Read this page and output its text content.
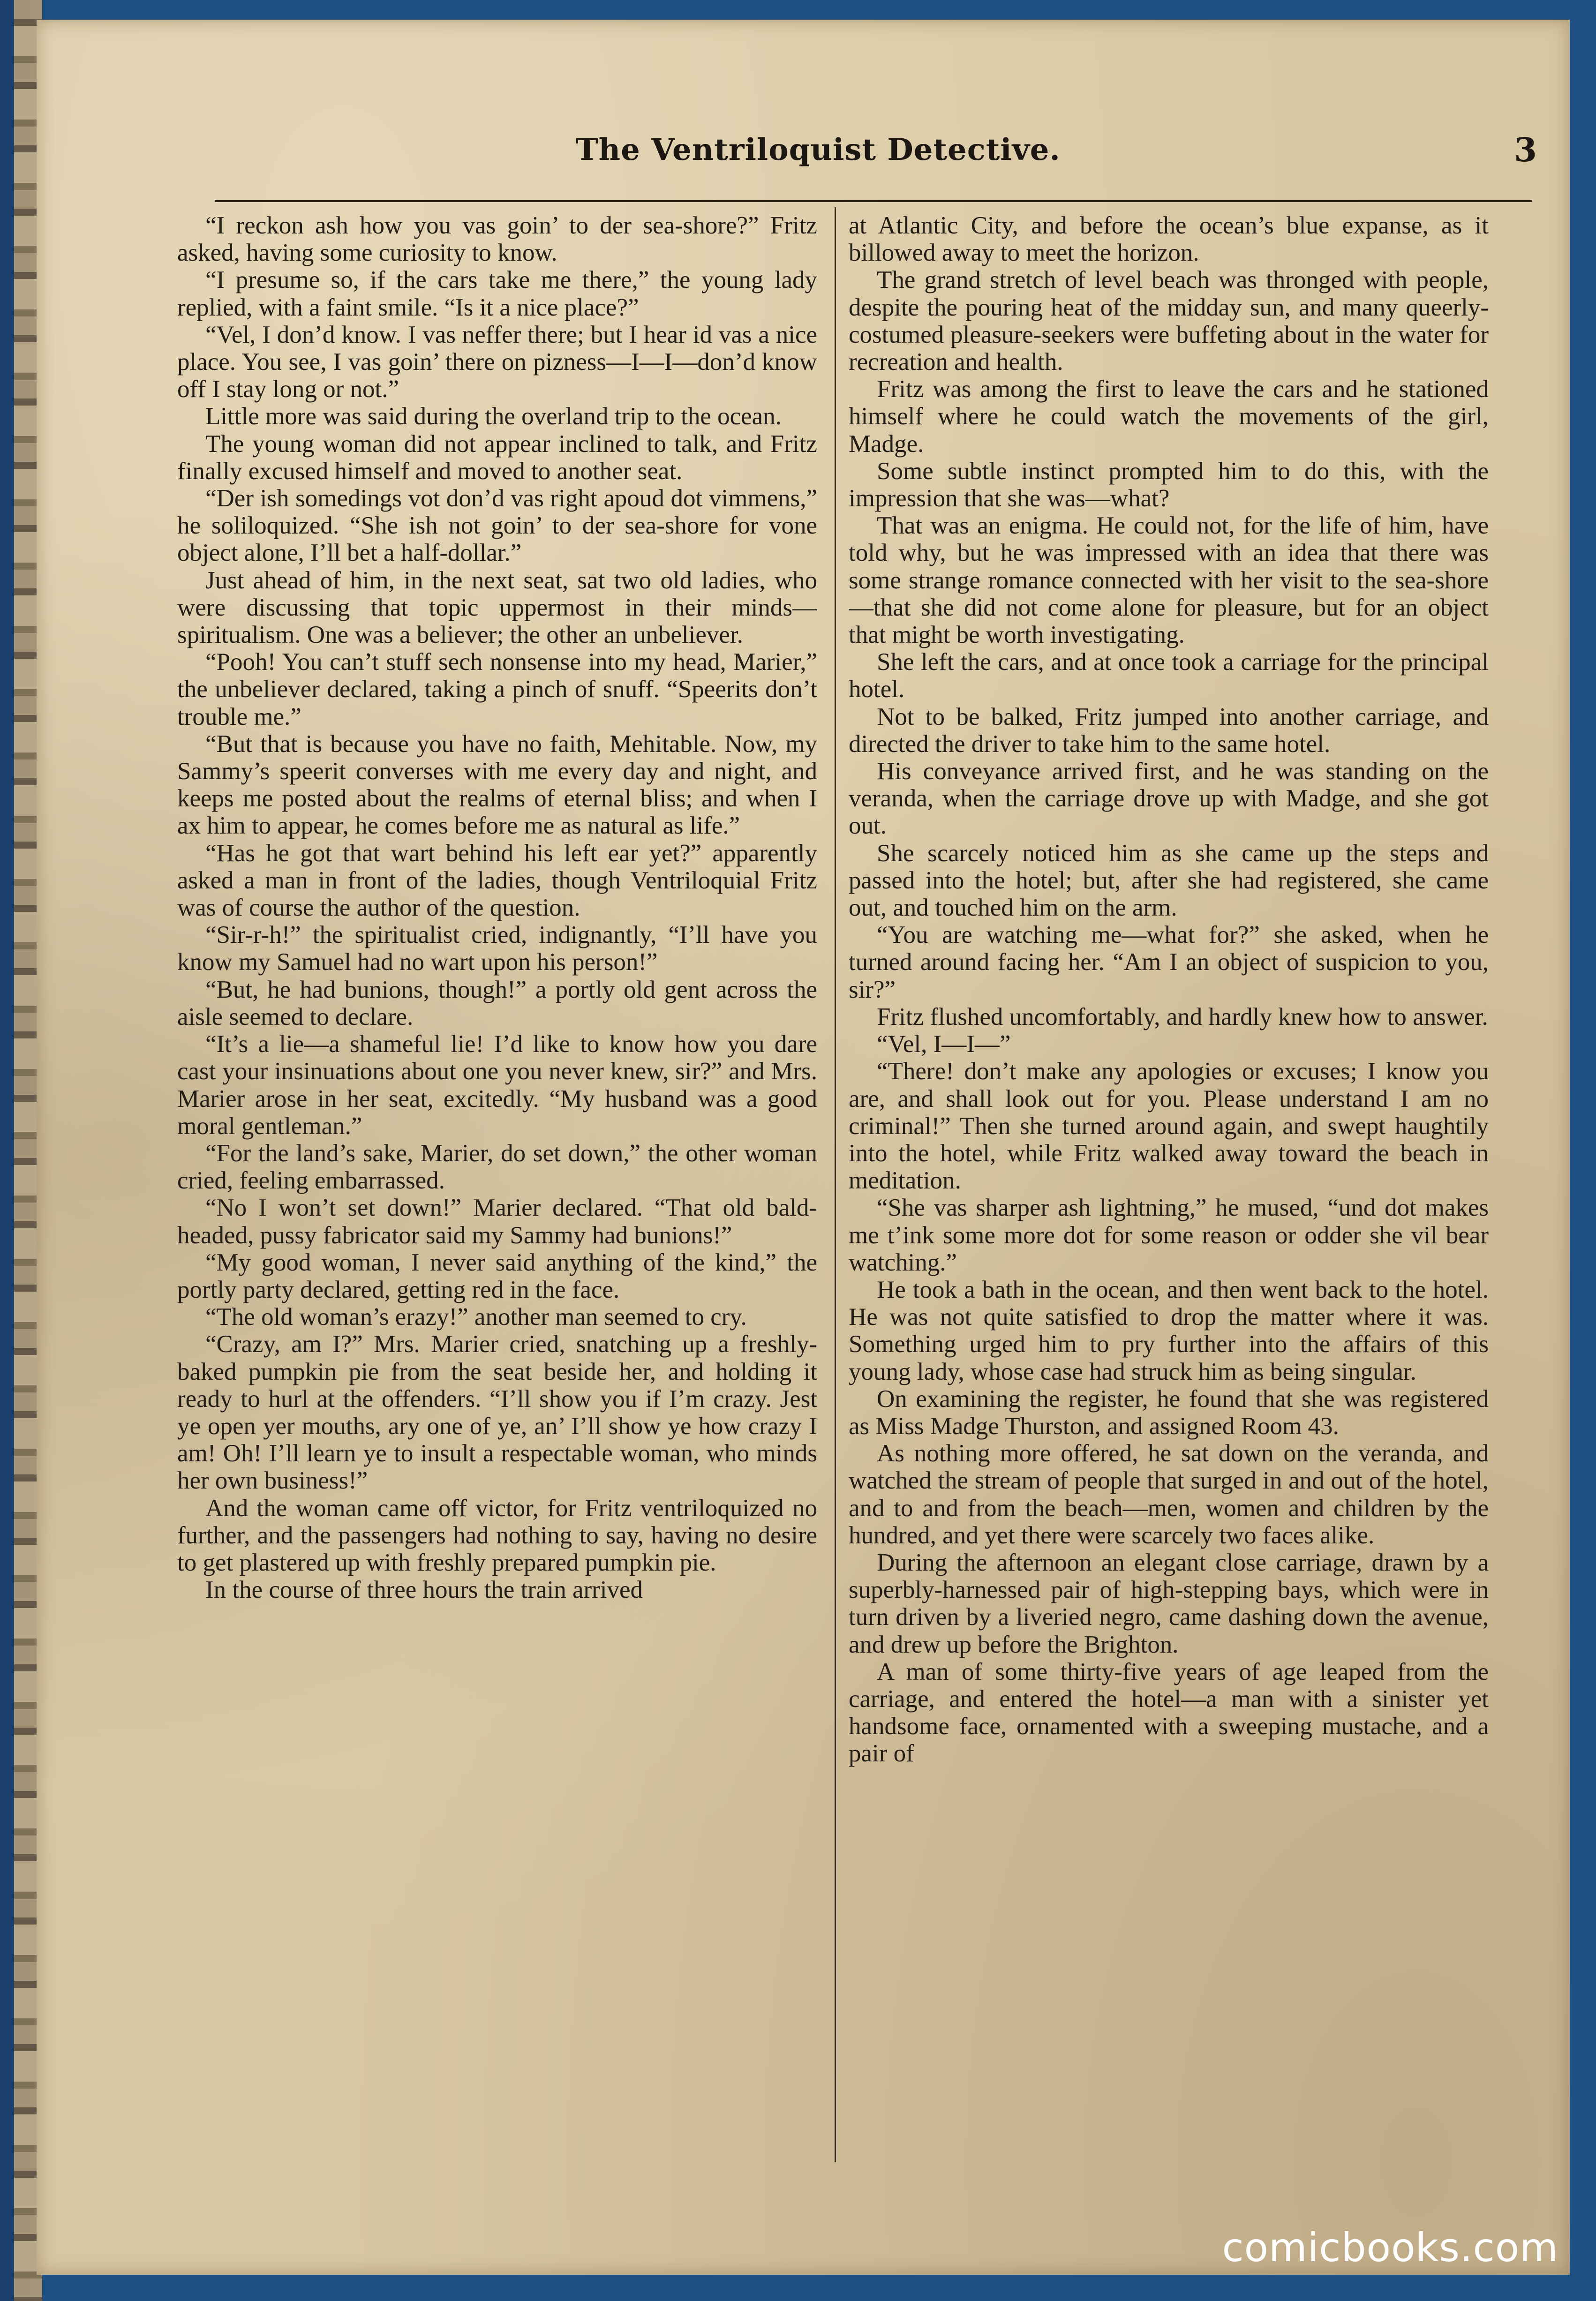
The Ventriloquist Detective.	3

“I reckon ash how you vas goin’ to der sea-shore?” Fritz asked, having some curiosity to know.

“I presume so, if the cars take me there,” the young lady replied, with a faint smile. “Is it a nice place?”

“Vel, I don’d know. I vas neffer there; but I hear id vas a nice place. You see, I vas goin’ there on pizness—I—I—don’d know off I stay long or not.”

Little more was said during the overland trip to the ocean.

The young woman did not appear inclined to talk, and Fritz finally excused himself and moved to another seat.

“Der ish somedings vot don’d vas right apoud dot vimmens,” he soliloquized. “She ish not goin’ to der sea-shore for vone object alone, I’ll bet a half-dollar.”

Just ahead of him, in the next seat, sat two old ladies, who were discussing that topic uppermost in their minds—spiritualism. One was a believer; the other an unbeliever.

“Pooh! You can’t stuff sech nonsense into my head, Marier,” the unbeliever declared, taking a pinch of snuff. “Speerits don’t trouble me.”

“But that is because you have no faith, Mehitable. Now, my Sammy’s speerit converses with me every day and night, and keeps me posted about the realms of eternal bliss; and when I ax him to appear, he comes before me as natural as life.”

“Has he got that wart behind his left ear yet?” apparently asked a man in front of the ladies, though Ventriloquial Fritz was of course the author of the question.

“Sir-r-h!” the spiritualist cried, indignantly, “I’ll have you know my Samuel had no wart upon his person!”

“But, he had bunions, though!” a portly old gent across the aisle seemed to declare.

“It’s a lie—a shameful lie! I’d like to know how you dare cast your insinuations about one you never knew, sir?” and Mrs. Marier arose in her seat, excitedly. “My husband was a good moral gentleman.”

“For the land’s sake, Marier, do set down,” the other woman cried, feeling embarrassed.

“No I won’t set down!” Marier declared. “That old bald-headed, pussy fabricator said my Sammy had bunions!”

“My good woman, I never said anything of the kind,” the portly party declared, getting red in the face.

“The old woman’s erazy!” another man seemed to cry.

“Crazy, am I?” Mrs. Marier cried, snatching up a freshly-baked pumpkin pie from the seat beside her, and holding it ready to hurl at the offenders. “I’ll show you if I’m crazy. Jest ye open yer mouths, ary one of ye, an’ I’ll show ye how crazy I am! Oh! I’ll learn ye to insult a respectable woman, who minds her own business!”

And the woman came off victor, for Fritz ventriloquized no further, and the passengers had nothing to say, having no desire to get plastered up with freshly prepared pumpkin pie.

In the course of three hours the train arrived

at Atlantic City, and before the ocean’s blue expanse, as it billowed away to meet the horizon.

The grand stretch of level beach was thronged with people, despite the pouring heat of the midday sun, and many queerly-costumed pleasure-seekers were buffeting about in the water for recreation and health.

Fritz was among the first to leave the cars and he stationed himself where he could watch the movements of the girl, Madge.

Some subtle instinct prompted him to do this, with the impression that she was—what?

That was an enigma. He could not, for the life of him, have told why, but he was impressed with an idea that there was some strange romance connected with her visit to the sea-shore—that she did not come alone for pleasure, but for an object that might be worth investigating.

She left the cars, and at once took a carriage for the principal hotel.

Not to be balked, Fritz jumped into another carriage, and directed the driver to take him to the same hotel.

His conveyance arrived first, and he was standing on the veranda, when the carriage drove up with Madge, and she got out.

She scarcely noticed him as she came up the steps and passed into the hotel; but, after she had registered, she came out, and touched him on the arm.

“You are watching me—what for?” she asked, when he turned around facing her. “Am I an object of suspicion to you, sir?”

Fritz flushed uncomfortably, and hardly knew how to answer.

“Vel, I—I—”

“There! don’t make any apologies or excuses; I know you are, and shall look out for you. Please understand I am no criminal!” Then she turned around again, and swept haughtily into the hotel, while Fritz walked away toward the beach in meditation.

“She vas sharper ash lightning,” he mused, “und dot makes me t’ink some more dot for some reason or odder she vil bear watching.”

He took a bath in the ocean, and then went back to the hotel. He was not quite satisfied to drop the matter where it was. Something urged him to pry further into the affairs of this young lady, whose case had struck him as being singular.

On examining the register, he found that she was registered as Miss Madge Thurston, and assigned Room 43.

As nothing more offered, he sat down on the veranda, and watched the stream of people that surged in and out of the hotel, and to and from the beach—men, women and children by the hundred, and yet there were scarcely two faces alike.

During the afternoon an elegant close carriage, drawn by a superbly-harnessed pair of high-stepping bays, which were in turn driven by a liveried negro, came dashing down the avenue, and drew up before the Brighton.

A man of some thirty-five years of age leaped from the carriage, and entered the hotel—a man with a sinister yet handsome face, ornamented with a sweeping mustache, and a pair of

comicbooks.com
